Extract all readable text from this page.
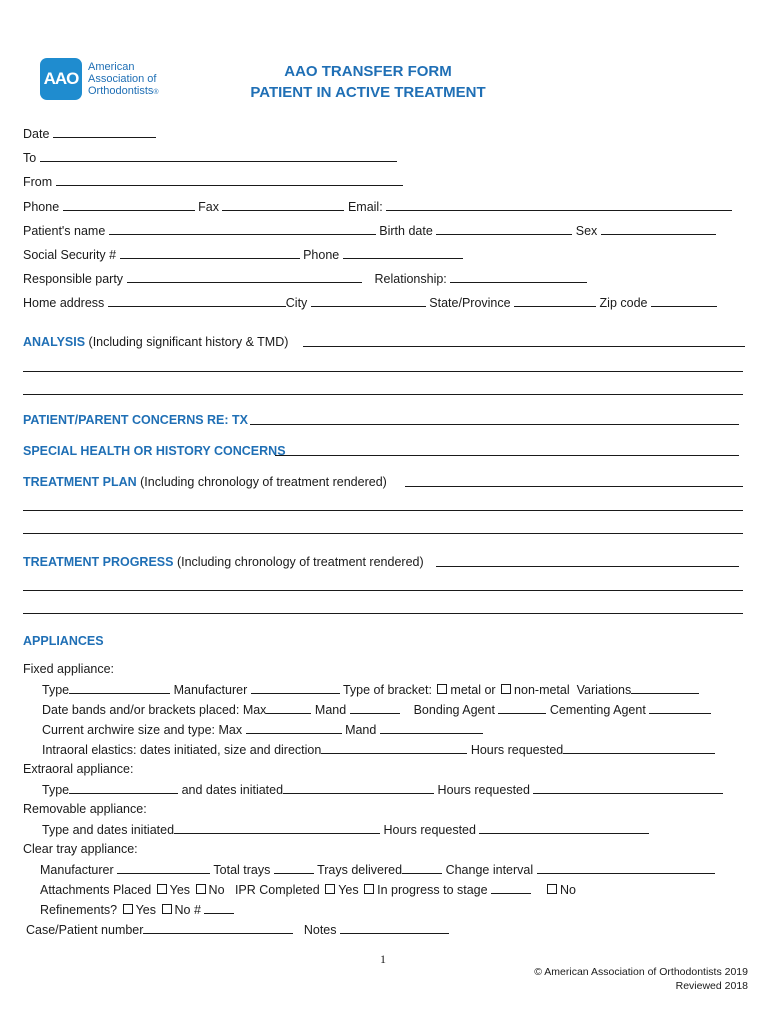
AAO
American
Association of
Orthodontists®
AAO TRANSFER FORM
PATIENT IN ACTIVE TREATMENT
Date
To
From
Phone	Fax	Email:
Patient's name	Birth date	Sex
Social Security #	Phone
Responsible party	Relationship:
Home address	City	State/Province	Zip code
ANALYSIS (Including significant history & TMD)
PATIENT/PARENT CONCERNS RE: TX
SPECIAL HEALTH OR HISTORY CONCERNS
TREATMENT PLAN (Including chronology of treatment rendered)
TREATMENT PROGRESS (Including chronology of treatment rendered)
APPLIANCES
Fixed appliance:
Type	Manufacturer	Type of bracket: metal or non-metal Variations
Date bands and/or brackets placed: Max	Mand	Bonding Agent	Cementing Agent
Current archwire size and type: Max	Mand
Intraoral elastics: dates initiated, size and direction	Hours requested
Extraoral appliance:
Type	and dates initiated	Hours requested
Removable appliance:
Type and dates initiated	Hours requested
Clear tray appliance:
Manufacturer	Total trays	Trays delivered	Change interval
Attachments Placed Yes No IPR Completed Yes In progress to stage	No
Refinements? Yes No #
Case/Patient number	Notes
1
© American Association of Orthodontists 2019
Reviewed 2018
